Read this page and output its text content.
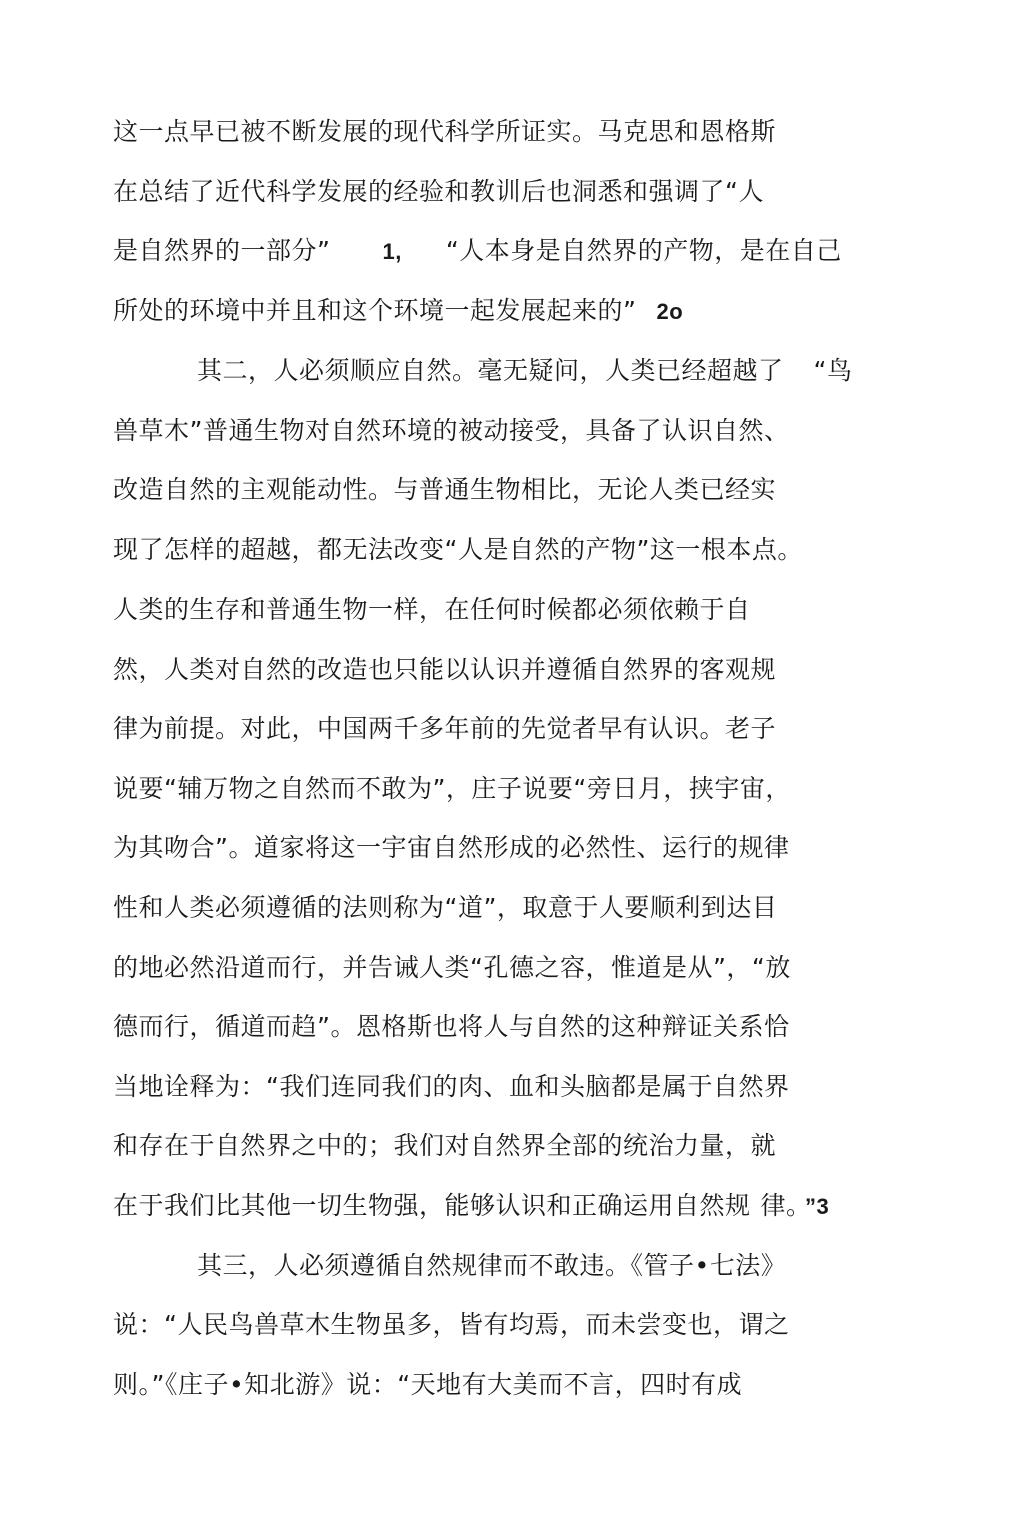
这一点早已被不断发展的现代科学所证实。马克思和恩格斯
在总结了近代科学发展的经验和教训后也洞悉和强调了“人
是自然界的一部分” 1, “人本身是自然界的产物，是在自己
所处的环境中并且和这个环境一起发展起来的” 2o
其二，人必须顺应自然。毫无疑问，人类已经超越了 “鸟
兽草木”普通生物对自然环境的被动接受，具备了认识自然、
改造自然的主观能动性。与普通生物相比，无论人类已经实
现了怎样的超越，都无法改变“人是自然的产物”这一根本点。
人类的生存和普通生物一样，在任何时候都必须依赖于自
然，人类对自然的改造也只能以认识并遵循自然界的客观规
律为前提。对此，中国两千多年前的先觉者早有认识。老子
说要“辅万物之自然而不敢为”，庄子说要“旁日月，挟宇宙，
为其吻合”。道家将这一宇宙自然形成的必然性、运行的规律
性和人类必须遵循的法则称为“道”，取意于人要顺利到达目
的地必然沿道而行，并告诫人类“孔德之容，惟道是从”，“放
德而行，循道而趋”。恩格斯也将人与自然的这种辩证关系恰
当地诠释为：“我们连同我们的肉、血和头脑都是属于自然界
和存在于自然界之中的；我们对自然界全部的统治力量，就
在于我们比其他一切生物强，能够认识和正确运用自然规 律。 ”3
其三，人必须遵循自然规律而不敢违。《管子•七法》
说：“人民鸟兽草木生物虽多，皆有均焉，而未尝变也，谓之
则。”《庄子•知北游》说：“天地有大美而不言，四时有成
